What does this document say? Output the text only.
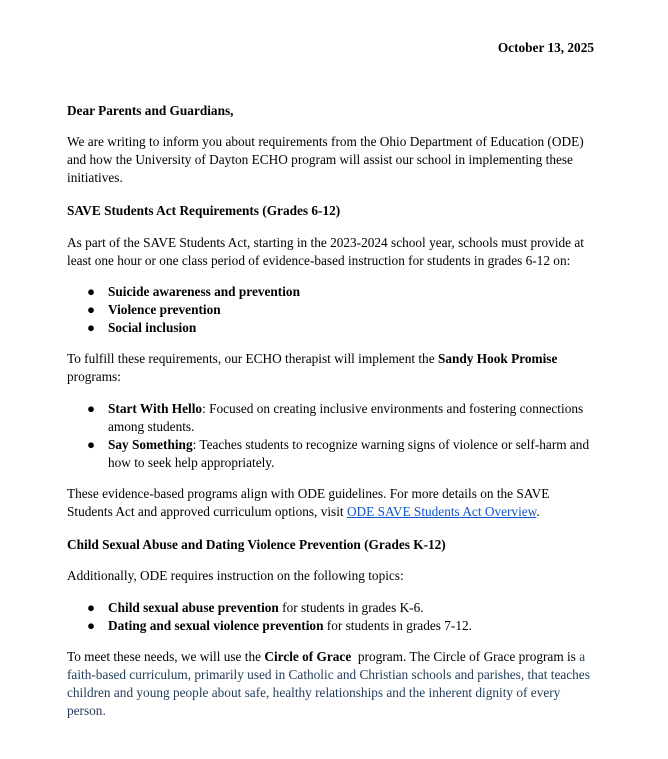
October 13, 2025

Dear Parents and Guardians,

We are writing to inform you about requirements from the Ohio Department of Education (ODE) and how the University of Dayton ECHO program will assist our school in implementing these initiatives.

SAVE Students Act Requirements (Grades 6-12)

As part of the SAVE Students Act, starting in the 2023-2024 school year, schools must provide at least one hour or one class period of evidence-based instruction for students in grades 6-12 on:

● Suicide awareness and prevention
● Violence prevention
● Social inclusion

To fulfill these requirements, our ECHO therapist will implement the Sandy Hook Promise programs:

● Start With Hello: Focused on creating inclusive environments and fostering connections among students.
● Say Something: Teaches students to recognize warning signs of violence or self-harm and how to seek help appropriately.

These evidence-based programs align with ODE guidelines. For more details on the SAVE Students Act and approved curriculum options, visit ODE SAVE Students Act Overview.

Child Sexual Abuse and Dating Violence Prevention (Grades K-12)

Additionally, ODE requires instruction on the following topics:

● Child sexual abuse prevention for students in grades K-6.
● Dating and sexual violence prevention for students in grades 7-12.

To meet these needs, we will use the Circle of Grace  program. The Circle of Grace program is a faith-based curriculum, primarily used in Catholic and Christian schools and parishes, that teaches children and young people about safe, healthy relationships and the inherent dignity of every person.
